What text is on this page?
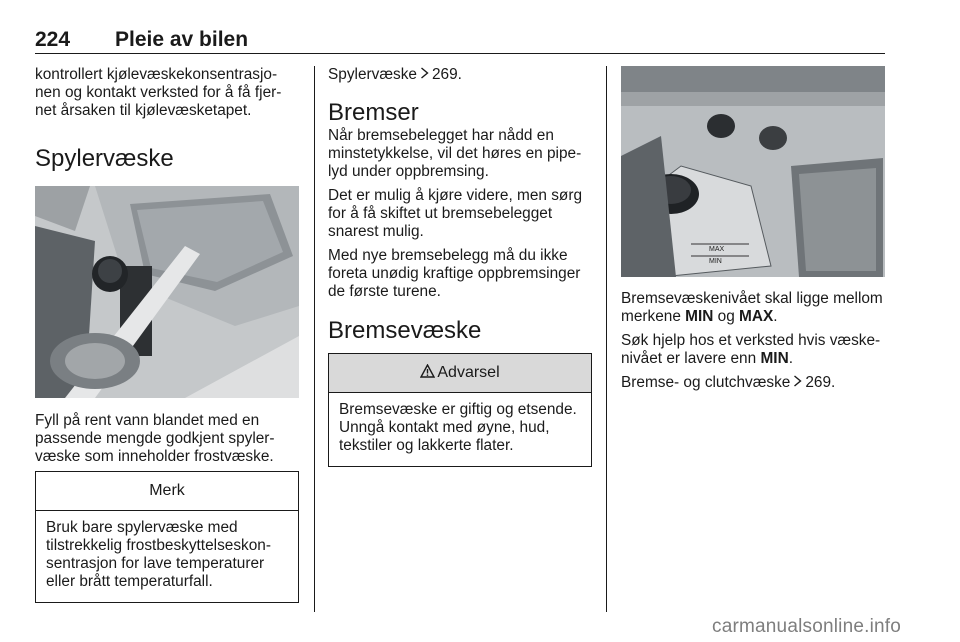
224 Pleie av bilen

kontrollert kjølevæskekonsentrasjo-nen og kontakt verksted for å få fjer-net årsaken til kjølevæsketapet.

Spylervæske

Fyll på rent vann blandet med en passende mengde godkjent spyler-væske som inneholder frostvæske.

Merk
Bruk bare spylervæske med tilstrekkelig frostbeskyttelseskon-sentrasjon for lave temperaturer eller brått temperaturfall.

Spylervæske 269.

Bremser

Når bremsebelegget har nådd en minstetykkelse, vil det høres en pipe-lyd under oppbremsing.

Det er mulig å kjøre videre, men sørg for å få skiftet ut bremsebelegget snarest mulig.

Med nye bremsebelegg må du ikke foreta unødig kraftige oppbremsinger de første turene.

Bremsevæske
Advarsel
Bremsevæske er giftig og etsende. Unngå kontakt med øyne, hud, tekstiler og lakkerte flater.
MAX
MIN

Bremsevæskenivået skal ligge mellom merkene MIN og MAX.

Søk hjelp hos et verksted hvis væske-nivået er lavere enn MIN.

Bremse- og clutchvæske 269.

carmanualsonline.info
